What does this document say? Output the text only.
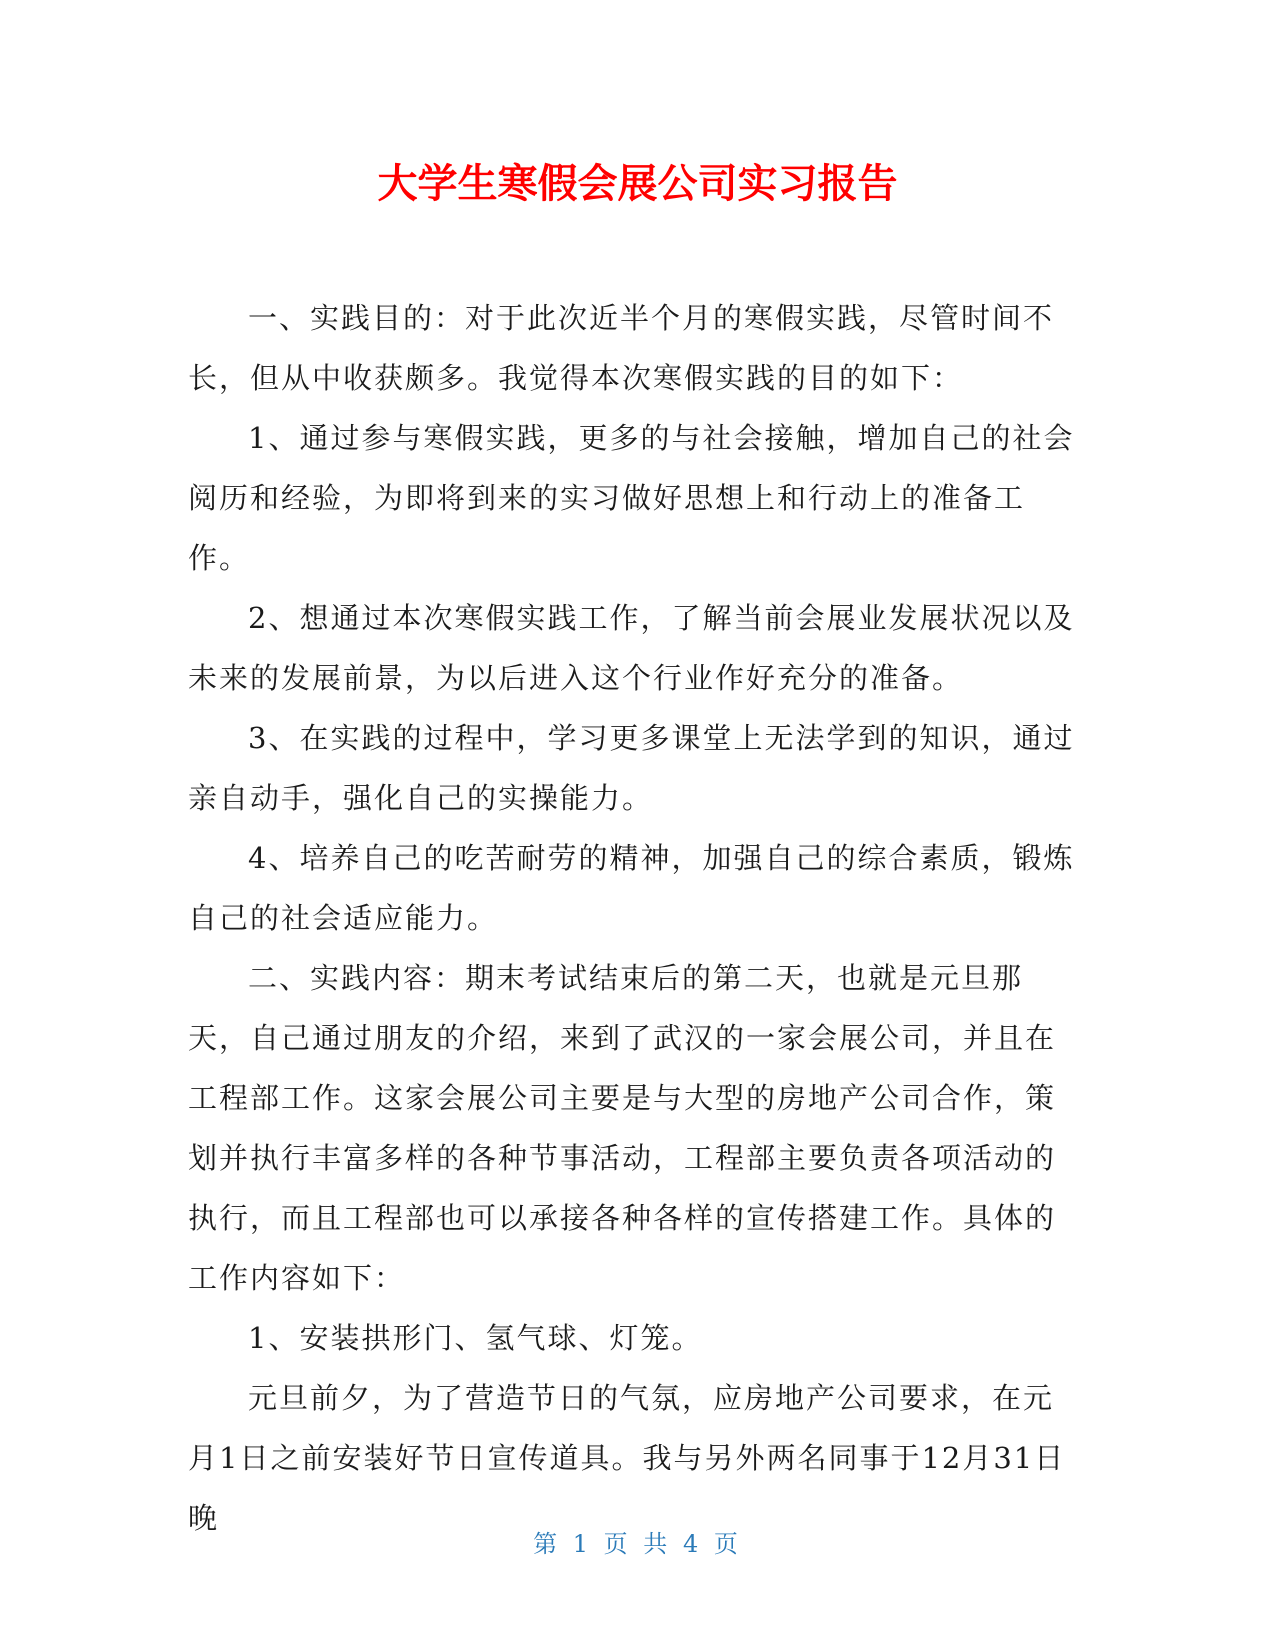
大学生寒假会展公司实习报告

一、实践目的：对于此次近半个月的寒假实践，尽管时间不长，但从中收获颇多。我觉得本次寒假实践的目的如下：

1、通过参与寒假实践，更多的与社会接触，增加自己的社会阅历和经验，为即将到来的实习做好思想上和行动上的准备工作。

2、想通过本次寒假实践工作，了解当前会展业发展状况以及未来的发展前景，为以后进入这个行业作好充分的准备。

3、在实践的过程中，学习更多课堂上无法学到的知识，通过亲自动手，强化自己的实操能力。

4、培养自己的吃苦耐劳的精神，加强自己的综合素质，锻炼自己的社会适应能力。

二、实践内容：期末考试结束后的第二天，也就是元旦那天，自己通过朋友的介绍，来到了武汉的一家会展公司，并且在工程部工作。这家会展公司主要是与大型的房地产公司合作，策划并执行丰富多样的各种节事活动，工程部主要负责各项活动的执行，而且工程部也可以承接各种各样的宣传搭建工作。具体的工作内容如下：

1、安装拱形门、氢气球、灯笼。

元旦前夕，为了营造节日的气氛，应房地产公司要求，在元月1日之前安装好节日宣传道具。我与另外两名同事于12月31日晚

第 1 页 共 4 页
